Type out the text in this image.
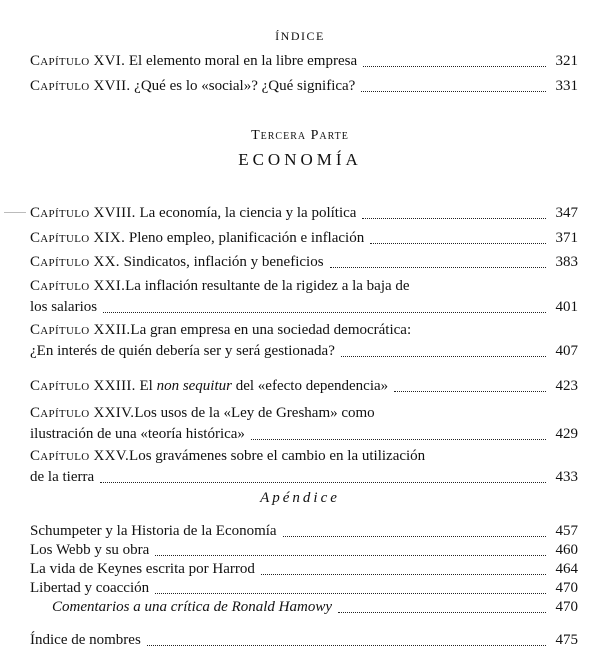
ÍNDICE
Capítulo XVI. El elemento moral en la libre empresa	321
Capítulo XVII. ¿Qué es lo «social»? ¿Qué significa?	331
Tercera Parte
ECONOMÍA
Capítulo XVIII. La economía, la ciencia y la política	347
Capítulo XIX. Pleno empleo, planificación e inflación	371
Capítulo XX. Sindicatos, inflación y beneficios	383
Capítulo XXI. La inflación resultante de la rigidez a la baja de
los salarios	401
Capítulo XXII. La gran empresa en una sociedad democrática:
¿En interés de quién debería ser y será gestionada?	407
Capítulo XXIII. El non sequitur del «efecto dependencia»	423
Capítulo XXIV. Los usos de la «Ley de Gresham» como
ilustración de una «teoría histórica»	429
Capítulo XXV. Los gravámenes sobre el cambio en la utilización
de la tierra	433
Apéndice
Schumpeter y la Historia de la Economía	457
Los Webb y su obra	460
La vida de Keynes escrita por Harrod	464
Libertad y coacción	470
Comentarios a una crítica de Ronald Hamowy	470
Índice de nombres	475
